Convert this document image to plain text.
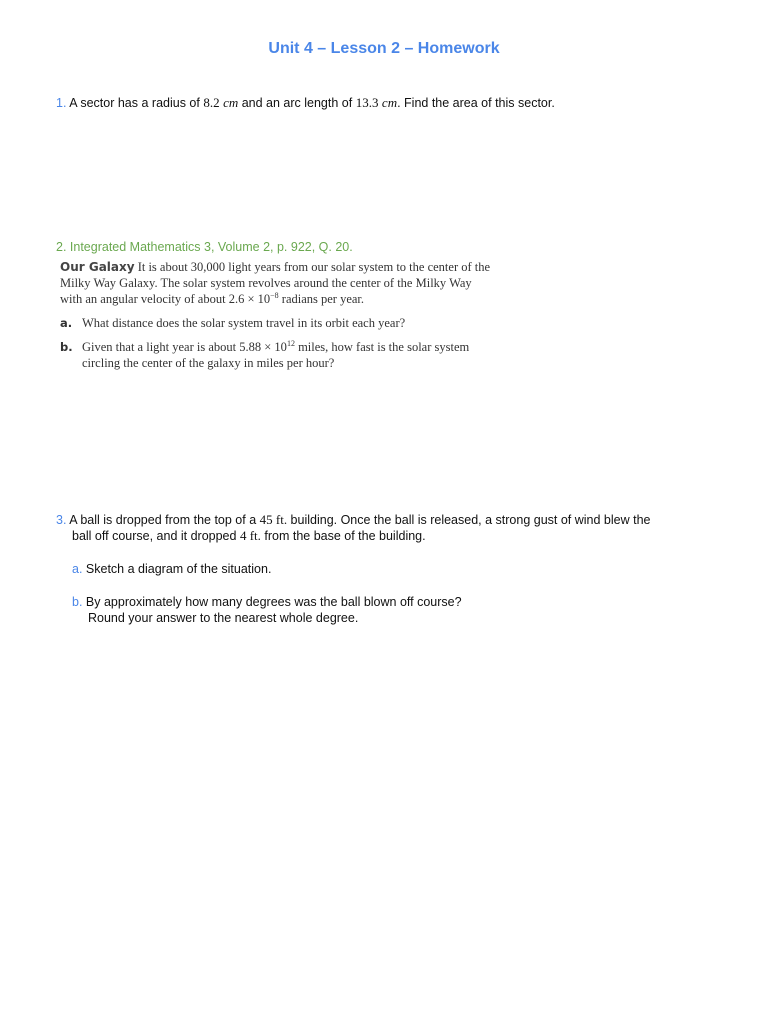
Unit 4 – Lesson 2 – Homework

1. A sector has a radius of 8.2 cm and an arc length of 13.3 cm. Find the area of this sector.

2. Integrated Mathematics 3, Volume 2, p. 922, Q. 20.

Our Galaxy It is about 30,000 light years from our solar system to the center of the
Milky Way Galaxy. The solar system revolves around the center of the Milky Way
with an angular velocity of about $2.6 \times 10^{-8}$ radians per year.
a. What distance does the solar system travel in its orbit each year?
b. Given that a light year is about $5.88 \times 10^{12}$ miles, how fast is the solar system
circling the center of the galaxy in miles per hour?

3. A ball is dropped from the top of a 45 ft. building. Once the ball is released, a strong gust of wind blew the
ball off course, and it dropped 4 ft. from the base of the building.

a. Sketch a diagram of the situation.

b. By approximately how many degrees was the ball blown off course?
Round your answer to the nearest whole degree.
